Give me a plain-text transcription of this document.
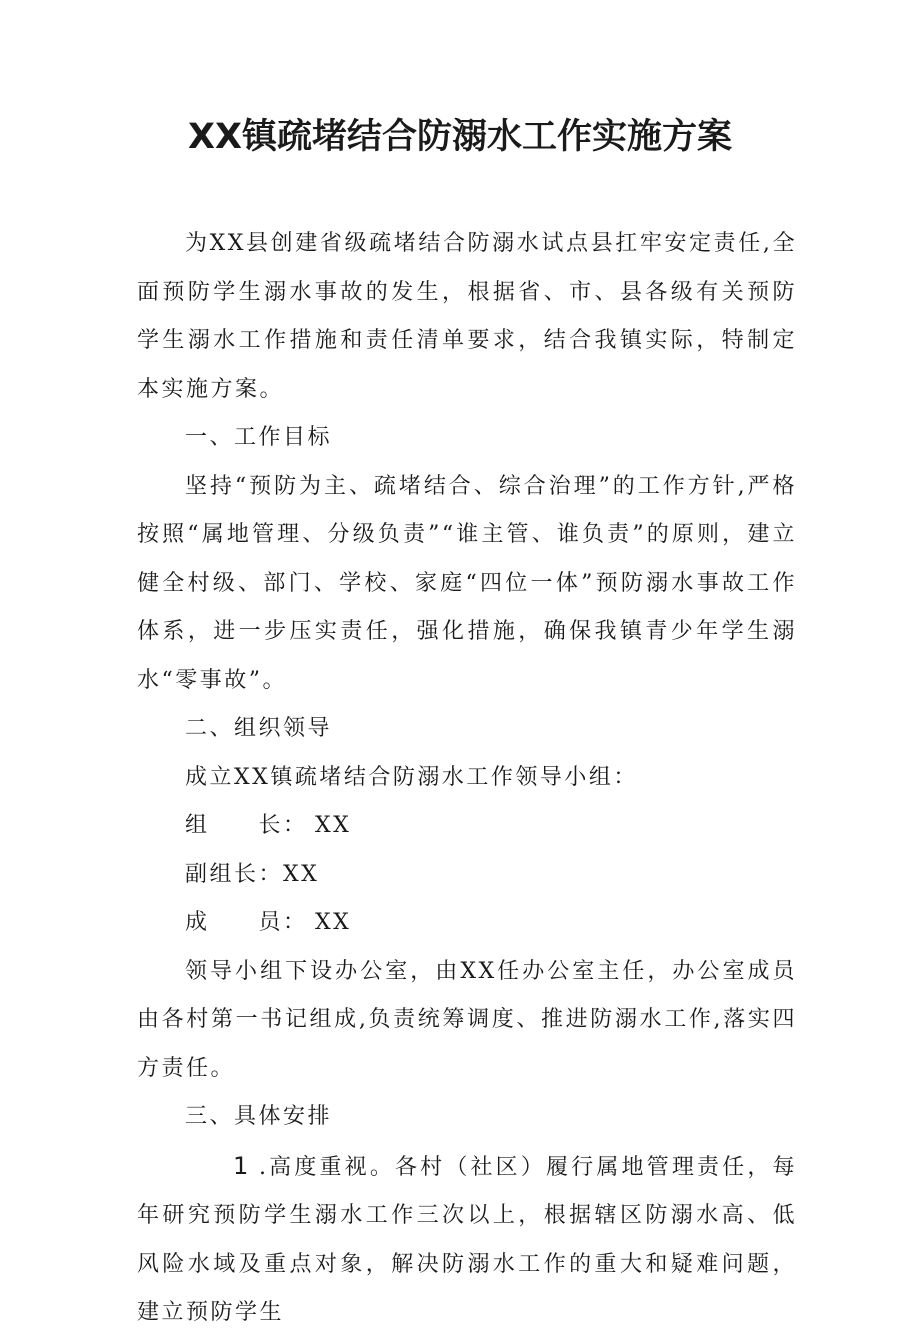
XX镇疏堵结合防溺水工作实施方案

为XX县创建省级疏堵结合防溺水试点县扛牢安定责任,全面预防学生溺水事故的发生，根据省、市、县各级有关预防学生溺水工作措施和责任清单要求，结合我镇实际，特制定本实施方案。

一、工作目标

坚持“预防为主、疏堵结合、综合治理”的工作方针,严格按照“属地管理、分级负责”“谁主管、谁负责”的原则，建立健全村级、部门、学校、家庭“四位一体”预防溺水事故工作体系，进一步压实责任，强化措施，确保我镇青少年学生溺水“零事故”。

二、组织领导

成立XX镇疏堵结合防溺水工作领导小组：

组　　长： XX

副组长：XX

成　　员： XX

领导小组下设办公室，由XX任办公室主任，办公室成员由各村第一书记组成,负责统筹调度、推进防溺水工作,落实四方责任。

三、具体安排

1 .高度重视。各村（社区）履行属地管理责任，每年研究预防学生溺水工作三次以上，根据辖区防溺水高、低风险水域及重点对象，解决防溺水工作的重大和疑难问题，建立预防学生
